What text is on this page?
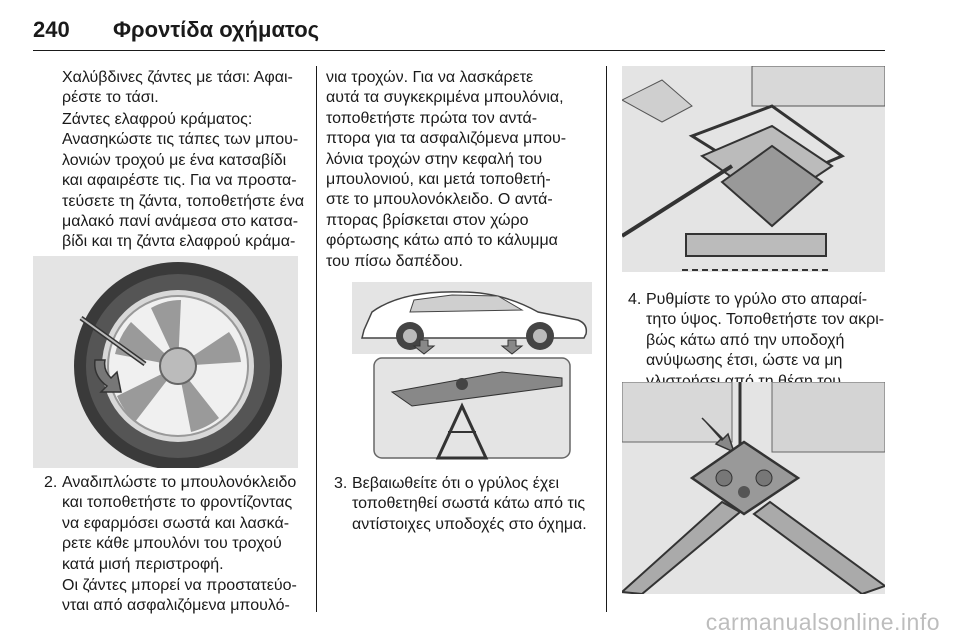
240 Φροντίδα οχήματος
Χαλύβδινες ζάντες με τάσι: Αφαι-
ρέστε το τάσι.
Ζάντες ελαφρού κράματος:
Ανασηκώστε τις τάπες των μπου-
λονιών τροχού με ένα κατσαβίδι
και αφαιρέστε τις. Για να προστα-
τεύσετε τη ζάντα, τοποθετήστε ένα
μαλακό πανί ανάμεσα στο κατσα-
βίδι και τη ζάντα ελαφρού κράμα-

2. Αναδιπλώστε το μπουλονόκλειδο
και τοποθετήστε το φροντίζοντας
να εφαρμόσει σωστά και λασκά-
ρετε κάθε μπουλόνι του τροχού
κατά μισή περιστροφή.
Οι ζάντες μπορεί να προστατεύο-
νται από ασφαλιζόμενα μπουλό-
νια τροχών. Για να λασκάρετε
αυτά τα συγκεκριμένα μπουλόνια,
τοποθετήστε πρώτα τον αντά-
πτορα για τα ασφαλιζόμενα μπου-
λόνια τροχών στην κεφαλή του
μπουλονιού, και μετά τοποθετή-
στε το μπουλονόκλειδο. Ο αντά-
πτορας βρίσκεται στον χώρο
φόρτωσης κάτω από το κάλυμμα
του πίσω δαπέδου.
3. Βεβαιωθείτε ότι ο γρύλος έχει
τοποθετηθεί σωστά κάτω από τις
αντίστοιχες υποδοχές στο όχημα.
4. Ρυθμίστε το γρύλο στο απαραί-
τητο ύψος. Τοποθετήστε τον ακρι-
βώς κάτω από την υποδοχή
ανύψωσης έτσι, ώστε να μη

carmanualsonline.info
